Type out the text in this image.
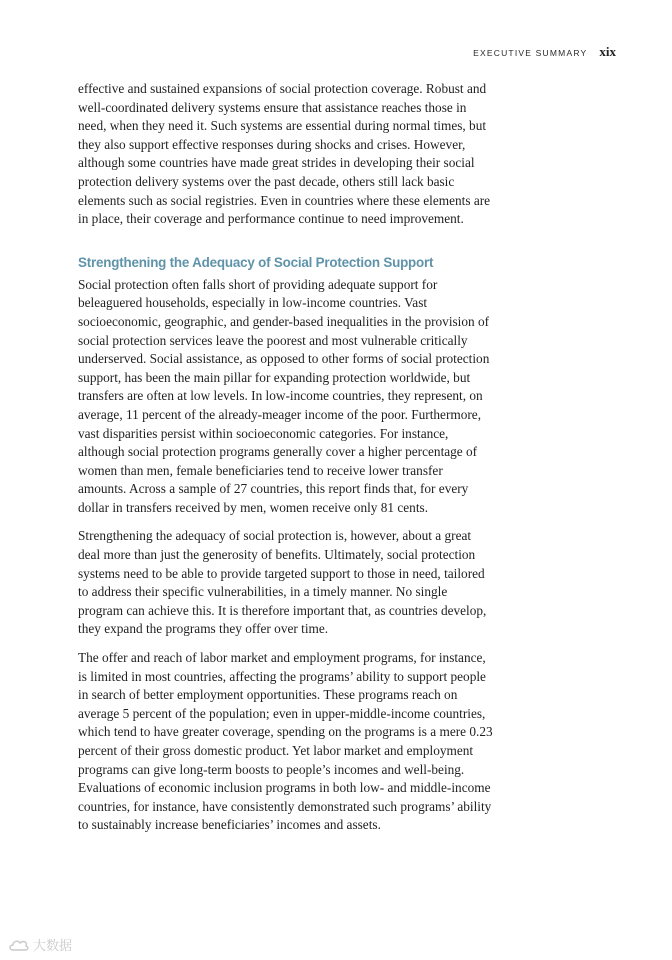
EXECUTIVE SUMMARY xix

effective and sustained expansions of social protection coverage. Robust and well-coordinated delivery systems ensure that assistance reaches those in need, when they need it. Such systems are essential during normal times, but they also support effective responses during shocks and crises. However, although some countries have made great strides in developing their social protection delivery systems over the past decade, others still lack basic elements such as social registries. Even in countries where these elements are in place, their coverage and performance continue to need improvement.

Strengthening the Adequacy of Social Protection Support

Social protection often falls short of providing adequate support for beleaguered households, especially in low-income countries. Vast socioeconomic, geographic, and gender-based inequalities in the provision of social protection services leave the poorest and most vulnerable critically underserved. Social assistance, as opposed to other forms of social protection support, has been the main pillar for expanding protection worldwide, but transfers are often at low levels. In low-income countries, they represent, on average, 11 percent of the already-meager income of the poor. Furthermore, vast disparities persist within socioeconomic categories. For instance, although social protection programs generally cover a higher percentage of women than men, female beneficiaries tend to receive lower transfer amounts. Across a sample of 27 countries, this report finds that, for every dollar in transfers received by men, women receive only 81 cents.

Strengthening the adequacy of social protection is, however, about a great deal more than just the generosity of benefits. Ultimately, social protection systems need to be able to provide targeted support to those in need, tailored to address their specific vulnerabilities, in a timely manner. No single program can achieve this. It is therefore important that, as countries develop, they expand the programs they offer over time.

The offer and reach of labor market and employment programs, for instance, is limited in most countries, affecting the programs’ ability to support people in search of better employment opportunities. These programs reach on average 5 percent of the population; even in upper-middle-income countries, which tend to have greater coverage, spending on the programs is a mere 0.23 percent of their gross domestic product. Yet labor market and employment programs can give long-term boosts to people’s incomes and well-being. Evaluations of economic inclusion programs in both low- and middle-income countries, for instance, have consistently demonstrated such programs’ ability to sustainably increase beneficiaries’ incomes and assets.

大数据
